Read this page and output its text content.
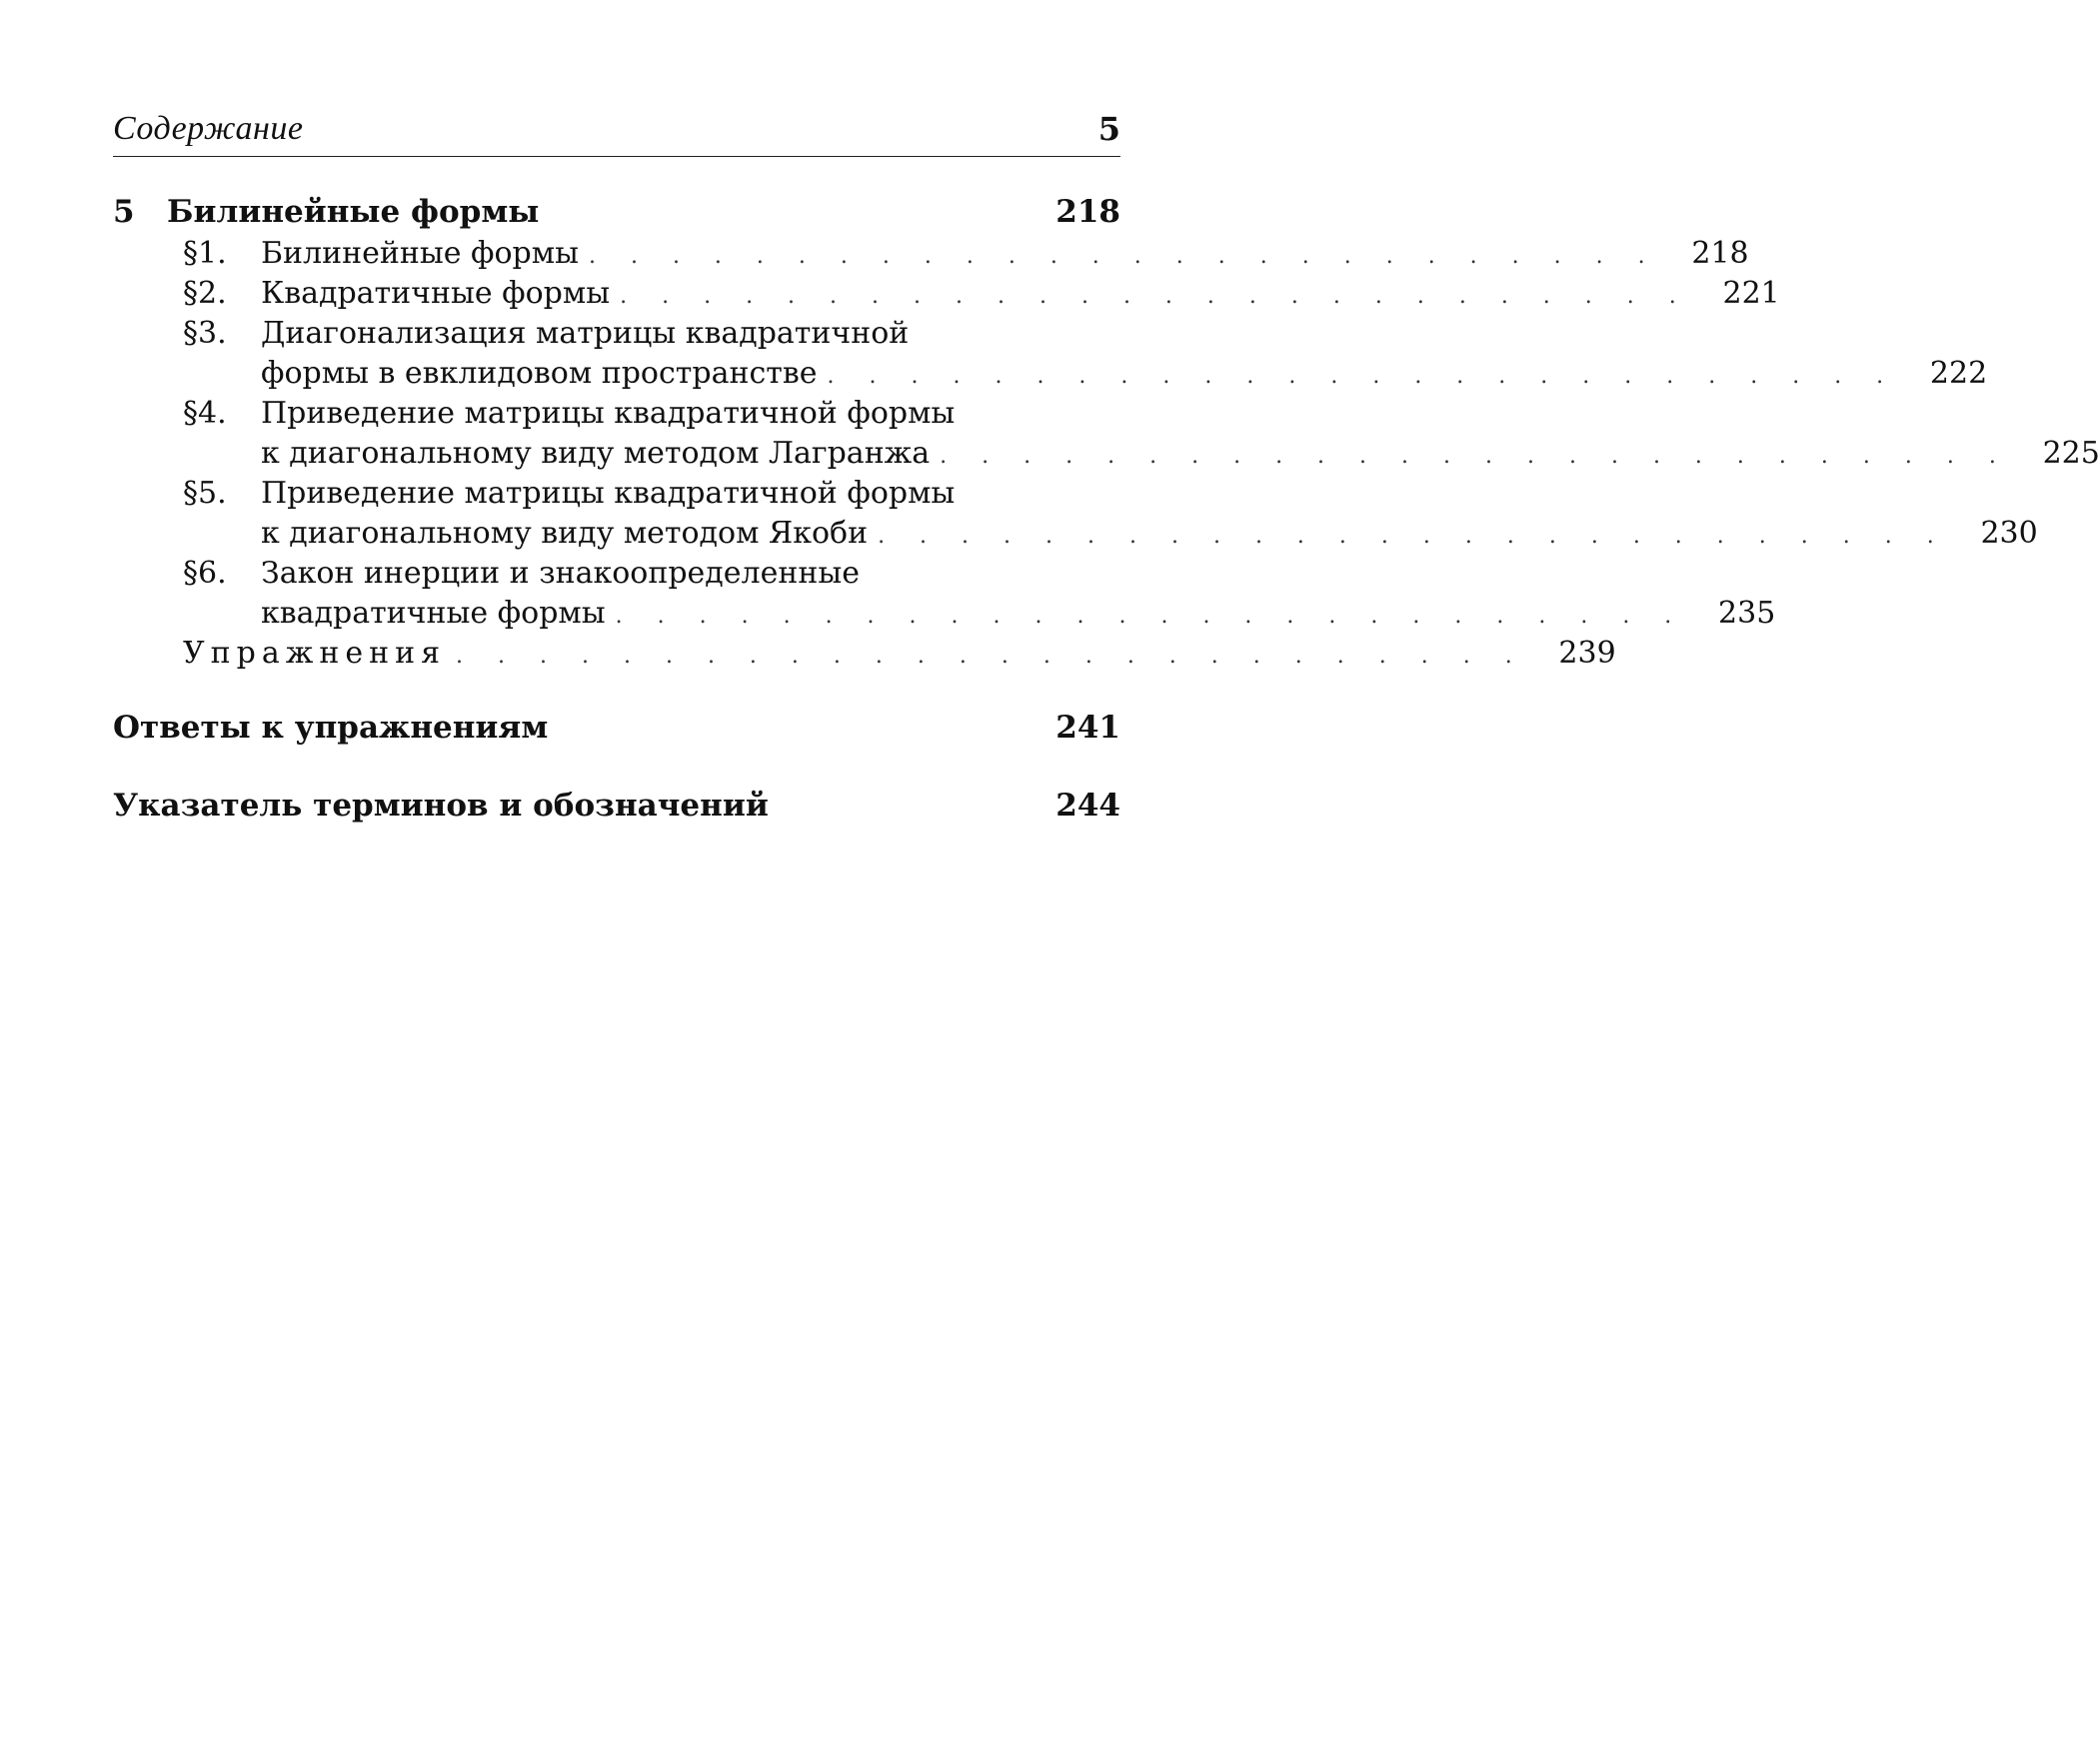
Содержание	5
5	Билинейные формы	218
§1.	Билинейные формы . . . . . . . . . . . . . . . . . . . . . . . . . . 218
§2.	Квадратичные формы . . . . . . . . . . . . . . . . . . . . . . . . . . 221
§3.	Диагонализация матрицы квадратичной
формы в евклидовом пространстве . . . . . . . . . . . . . . . . . . . . . . . . . . 222
§4.	Приведение матрицы квадратичной формы
к диагональному виду методом Лагранжа . . . . . . . . . . . . . . . . . . . . . . . . . . 225
§5.	Приведение матрицы квадратичной формы
к диагональному виду методом Якоби . . . . . . . . . . . . . . . . . . . . . . . . . . 230
§6.	Закон инерции и знакоопределенные
квадратичные формы . . . . . . . . . . . . . . . . . . . . . . . . . . 235
Упражнения . . . . . . . . . . . . . . . . . . . . . . . . . . 239
Ответы к упражнениям	241
Указатель терминов и обозначений	244
